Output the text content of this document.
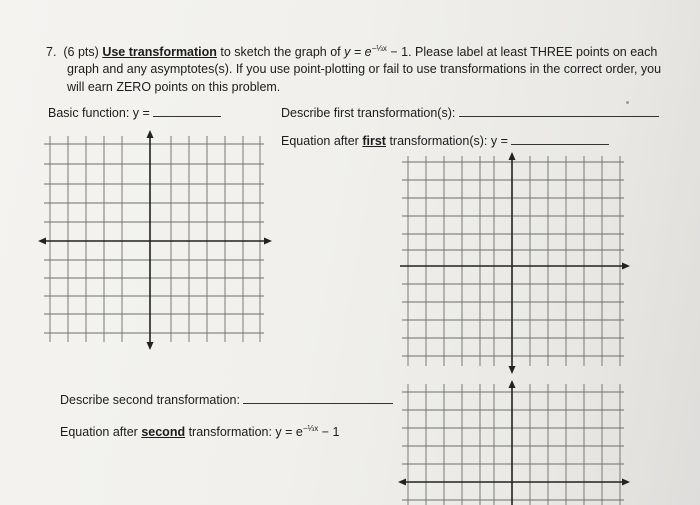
7. (6 pts) Use transformation to sketch the graph of $y = e^{-\frac{1}{3}x} - 1$. Please label at least THREE points on each
graph and any asymptotes(s). If you use point-plotting or fail to use transformations in the correct order, you
will earn ZERO points on this problem.
Basic function: y =	Describe first transformation(s):
Equation after first transformation(s): y =
Describe second transformation:
Equation after second transformation: $y = e^{-\frac{1}{3}x} - 1$
